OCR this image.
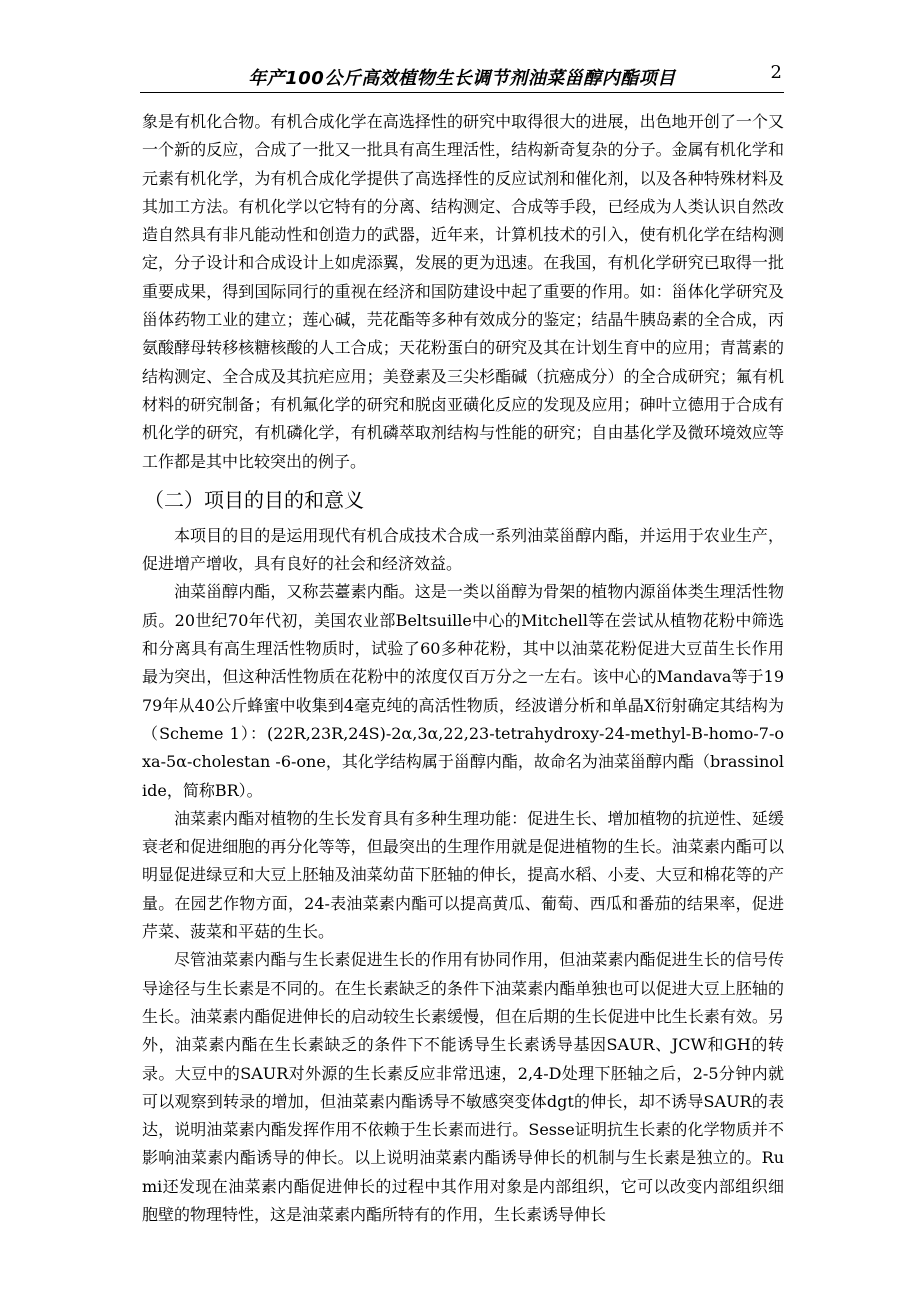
年产100公斤高效植物生长调节剂油菜甾醇内酯项目	2

象是有机化合物。有机合成化学在高选择性的研究中取得很大的进展，出色地开创了一个又一个新的反应，合成了一批又一批具有高生理活性，结构新奇复杂的分子。金属有机化学和元素有机化学，为有机合成化学提供了高选择性的反应试剂和催化剂，以及各种特殊材料及其加工方法。有机化学以它特有的分离、结构测定、合成等手段，已经成为人类认识自然改造自然具有非凡能动性和创造力的武器，近年来，计算机技术的引入，使有机化学在结构测定，分子设计和合成设计上如虎添翼，发展的更为迅速。在我国，有机化学研究已取得一批重要成果，得到国际同行的重视在经济和国防建设中起了重要的作用。如：甾体化学研究及甾体药物工业的建立；莲心碱，芫花酯等多种有效成分的鉴定；结晶牛胰岛素的全合成，丙氨酸酵母转移核糖核酸的人工合成；天花粉蛋白的研究及其在计划生育中的应用；青蒿素的结构测定、全合成及其抗疟应用；美登素及三尖杉酯碱（抗癌成分）的全合成研究；氟有机材料的研究制备；有机氟化学的研究和脱卤亚磺化反应的发现及应用；砷叶立德用于合成有机化学的研究，有机磷化学，有机磷萃取剂结构与性能的研究；自由基化学及微环境效应等工作都是其中比较突出的例子。

（二）项目的目的和意义

本项目的目的是运用现代有机合成技术合成一系列油菜甾醇内酯，并运用于农业生产，促进增产增收，具有良好的社会和经济效益。

油菜甾醇内酯，又称芸薹素内酯。这是一类以甾醇为骨架的植物内源甾体类生理活性物质。20世纪70年代初，美国农业部Beltsuille中心的Mitchell等在尝试从植物花粉中筛选和分离具有高生理活性物质时，试验了60多种花粉，其中以油菜花粉促进大豆苗生长作用最为突出，但这种活性物质在花粉中的浓度仅百万分之一左右。该中心的Mandava等于1979年从40公斤蜂蜜中收集到4毫克纯的高活性物质，经波谱分析和单晶X衍射确定其结构为（Scheme 1）：(22R,23R,24S)-2α,3α,22,23-tetrahydroxy-24-methyl-B-homo-7-oxa-5α-cholestan -6-one，其化学结构属于甾醇内酯，故命名为油菜甾醇内酯（brassinolide，简称BR）。

油菜素内酯对植物的生长发育具有多种生理功能：促进生长、增加植物的抗逆性、延缓衰老和促进细胞的再分化等等，但最突出的生理作用就是促进植物的生长。油菜素内酯可以明显促进绿豆和大豆上胚轴及油菜幼苗下胚轴的伸长，提高水稻、小麦、大豆和棉花等的产量。在园艺作物方面，24-表油菜素内酯可以提高黄瓜、葡萄、西瓜和番茄的结果率，促进芹菜、菠菜和平菇的生长。

尽管油菜素内酯与生长素促进生长的作用有协同作用，但油菜素内酯促进生长的信号传导途径与生长素是不同的。在生长素缺乏的条件下油菜素内酯单独也可以促进大豆上胚轴的生长。油菜素内酯促进伸长的启动较生长素缓慢，但在后期的生长促进中比生长素有效。另外，油菜素内酯在生长素缺乏的条件下不能诱导生长素诱导基因SAUR、JCW和GH的转录。大豆中的SAUR对外源的生长素反应非常迅速，2,4-D处理下胚轴之后，2-5分钟内就可以观察到转录的增加，但油菜素内酯诱导不敏感突变体dgt的伸长，却不诱导SAUR的表达，说明油菜素内酯发挥作用不依赖于生长素而进行。Sesse证明抗生长素的化学物质并不影响油菜素内酯诱导的伸长。以上说明油菜素内酯诱导伸长的机制与生长素是独立的。Rumi还发现在油菜素内酯促进伸长的过程中其作用对象是内部组织，它可以改变内部组织细胞壁的物理特性，这是油菜素内酯所特有的作用，生长素诱导伸长
